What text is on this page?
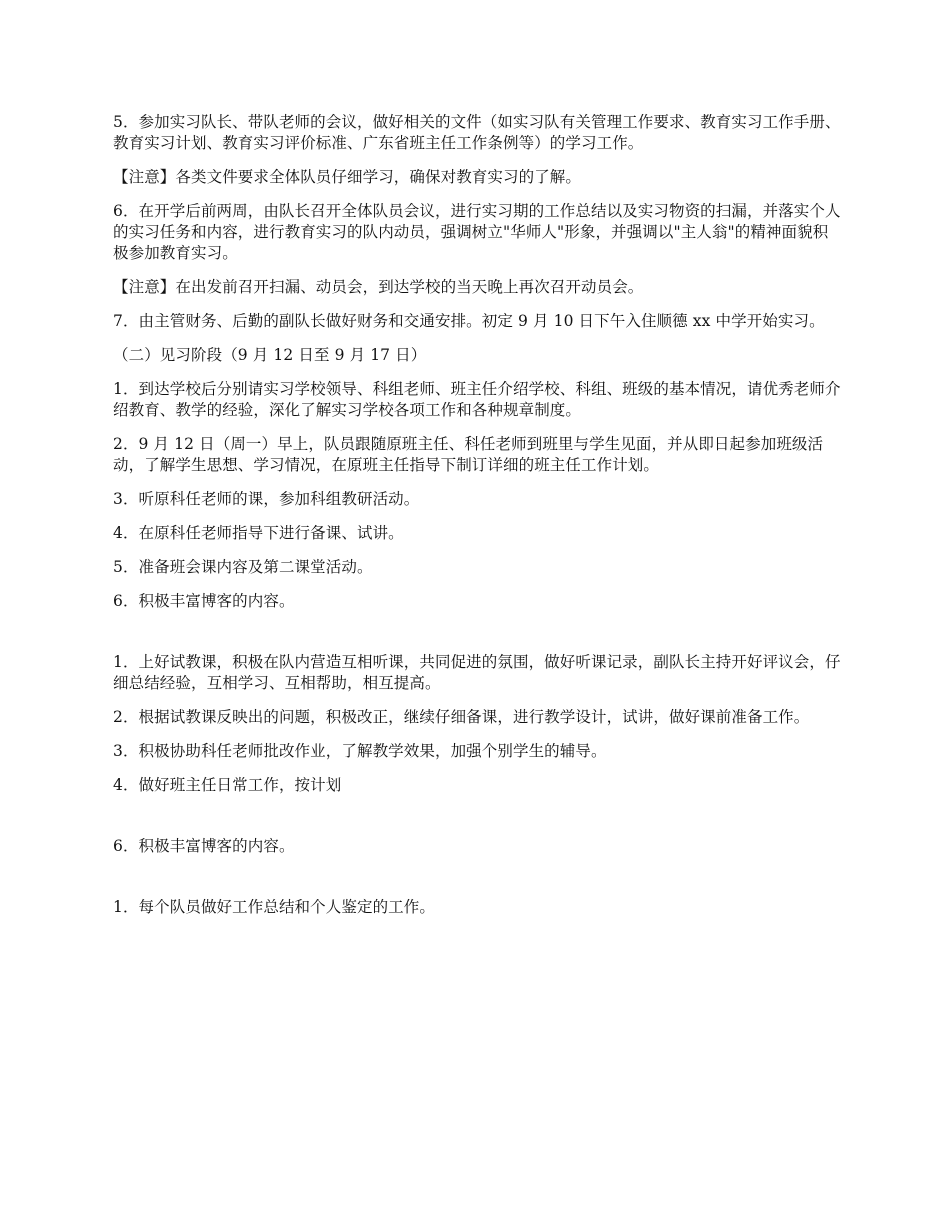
5．参加实习队长、带队老师的会议，做好相关的文件（如实习队有关管理工作要求、教育实习工作手册、教育实习计划、教育实习评价标准、广东省班主任工作条例等）的学习工作。

【注意】各类文件要求全体队员仔细学习，确保对教育实习的了解。

6．在开学后前两周，由队长召开全体队员会议，进行实习期的工作总结以及实习物资的扫漏，并落实个人的实习任务和内容，进行教育实习的队内动员，强调树立"华师人"形象，并强调以"主人翁"的精神面貌积极参加教育实习。

【注意】在出发前召开扫漏、动员会，到达学校的当天晚上再次召开动员会。

7．由主管财务、后勤的副队长做好财务和交通安排。初定 9 月 10 日下午入住顺德 xx 中学开始实习。

（二）见习阶段（9 月 12 日至 9 月 17 日）

1．到达学校后分别请实习学校领导、科组老师、班主任介绍学校、科组、班级的基本情况，请优秀老师介绍教育、教学的经验，深化了解实习学校各项工作和各种规章制度。

2．9 月 12 日（周一）早上，队员跟随原班主任、科任老师到班里与学生见面，并从即日起参加班级活动，了解学生思想、学习情况，在原班主任指导下制订详细的班主任工作计划。

3．听原科任老师的课，参加科组教研活动。

4．在原科任老师指导下进行备课、试讲。

5．准备班会课内容及第二课堂活动。

6．积极丰富博客的内容。

1．上好试教课，积极在队内营造互相听课，共同促进的氛围，做好听课记录，副队长主持开好评议会，仔细总结经验，互相学习、互相帮助，相互提高。

2．根据试教课反映出的问题，积极改正，继续仔细备课，进行教学设计，试讲，做好课前准备工作。

3．积极协助科任老师批改作业，了解教学效果，加强个别学生的辅导。

4．做好班主任日常工作，按计划

6．积极丰富博客的内容。

1．每个队员做好工作总结和个人鉴定的工作。
